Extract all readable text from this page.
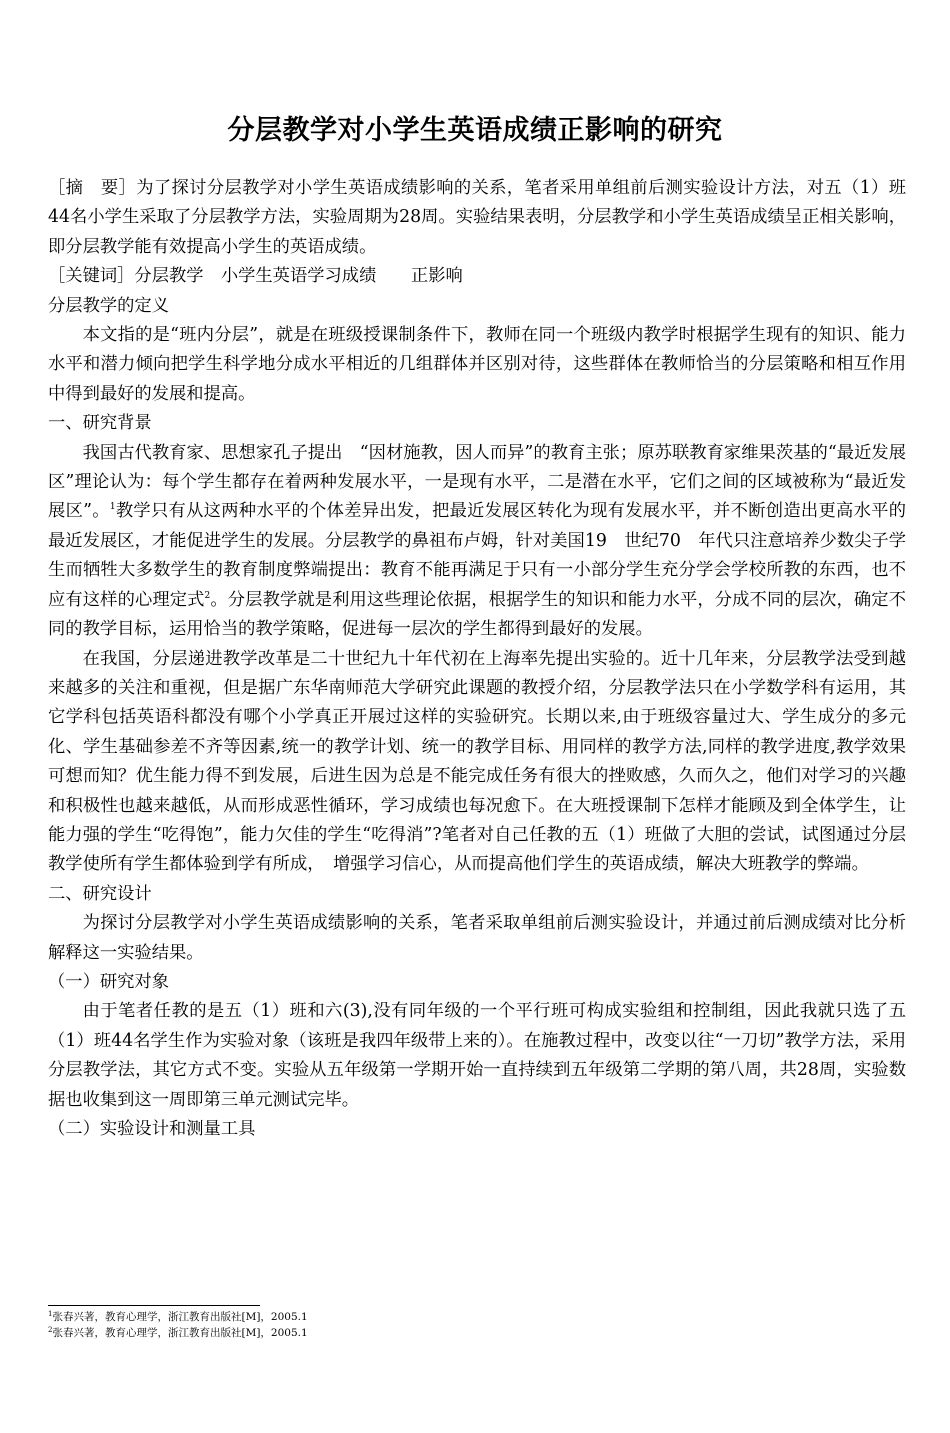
分层教学对小学生英语成绩正影响的研究

［摘　要］为了探讨分层教学对小学生英语成绩影响的关系，笔者采用单组前后测实验设计方法，对五（1）班44名小学生采取了分层教学方法，实验周期为28周。实验结果表明，分层教学和小学生英语成绩呈正相关影响，即分层教学能有效提高小学生的英语成绩。

［关键词］分层教学　小学生英语学习成绩　　正影响

分层教学的定义

本文指的是“班内分层”，就是在班级授课制条件下，教师在同一个班级内教学时根据学生现有的知识、能力水平和潜力倾向把学生科学地分成水平相近的几组群体并区别对待，这些群体在教师恰当的分层策略和相互作用中得到最好的发展和提高。

一、研究背景

我国古代教育家、思想家孔子提出　“因材施教，因人而异”的教育主张；原苏联教育家维果茨基的“最近发展区”理论认为：每个学生都存在着两种发展水平，一是现有水平，二是潜在水平，它们之间的区域被称为“最近发展区”。$^1$教学只有从这两种水平的个体差异出发，把最近发展区转化为现有发展水平，并不断创造出更高水平的最近发展区，才能促进学生的发展。分层教学的鼻祖布卢姆，针对美国19　世纪70　年代只注意培养少数尖子学生而牺牲大多数学生的教育制度弊端提出：教育不能再满足于只有一小部分学生充分学会学校所教的东西，也不应有这样的心理定式$^2$。分层教学就是利用这些理论依据，根据学生的知识和能力水平，分成不同的层次，确定不同的教学目标，运用恰当的教学策略，促进每一层次的学生都得到最好的发展。

在我国，分层递进教学改革是二十世纪九十年代初在上海率先提出实验的。近十几年来，分层教学法受到越来越多的关注和重视，但是据广东华南师范大学研究此课题的教授介绍，分层教学法只在小学数学科有运用，其它学科包括英语科都没有哪个小学真正开展过这样的实验研究。长期以来,由于班级容量过大、学生成分的多元化、学生基础参差不齐等因素,统一的教学计划、统一的教学目标、用同样的教学方法,同样的教学进度,教学效果可想而知？优生能力得不到发展，后进生因为总是不能完成任务有很大的挫败感，久而久之，他们对学习的兴趣和积极性也越来越低，从而形成恶性循环，学习成绩也每况愈下。在大班授课制下怎样才能顾及到全体学生，让能力强的学生“吃得饱”，能力欠佳的学生“吃得消”?笔者对自己任教的五（1）班做了大胆的尝试，试图通过分层教学使所有学生都体验到学有所成，　增强学习信心，从而提高他们学生的英语成绩，解决大班教学的弊端。

二、研究设计

为探讨分层教学对小学生英语成绩影响的关系，笔者采取单组前后测实验设计，并通过前后测成绩对比分析解释这一实验结果。

（一）研究对象

由于笔者任教的是五（1）班和六(3),没有同年级的一个平行班可构成实验组和控制组，因此我就只选了五（1）班44名学生作为实验对象（该班是我四年级带上来的）。在施教过程中，改变以往“一刀切”教学方法，采用分层教学法，其它方式不变。实验从五年级第一学期开始一直持续到五年级第二学期的第八周，共28周，实验数据也收集到这一周即第三单元测试完毕。

（二）实验设计和测量工具

$^1$张春兴著，教育心理学，浙江教育出版社[M]，2005.1

$^2$张春兴著，教育心理学，浙江教育出版社[M]，2005.1
